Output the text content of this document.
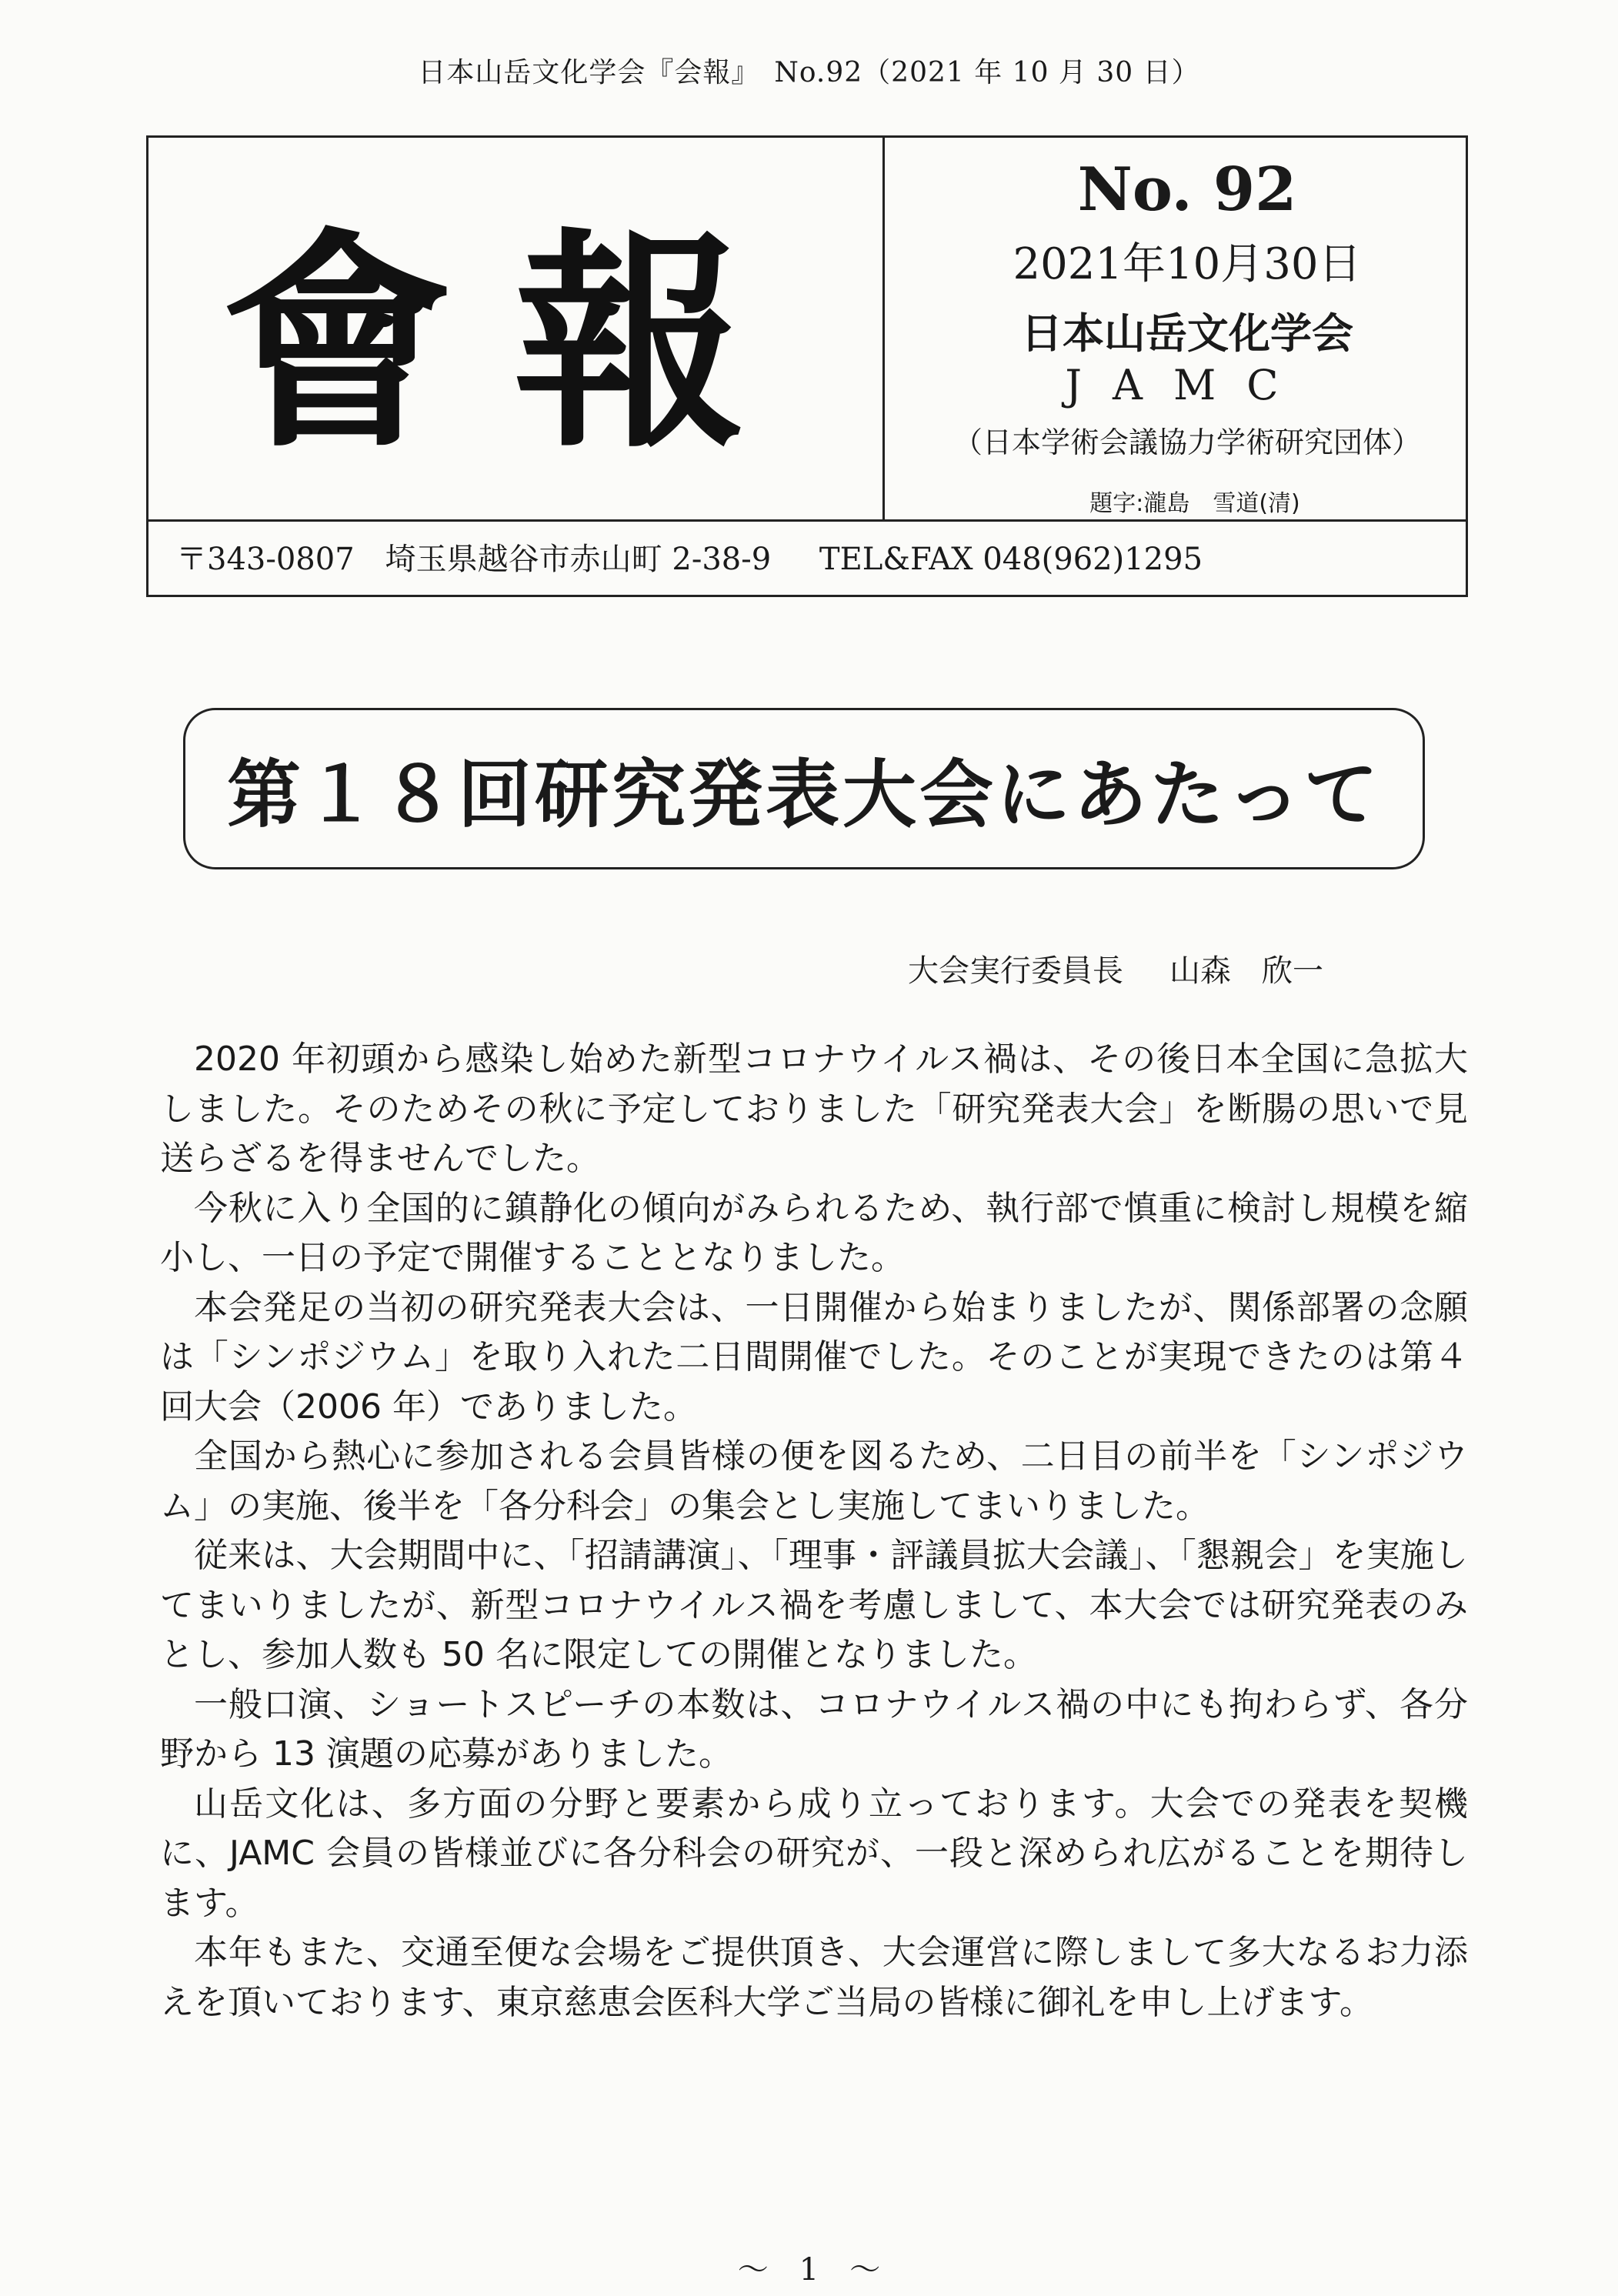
日本山岳文化学会『会報』　No.92（2021 年 10 月 30 日）
會報
No. 92
2021年10月30日
日本山岳文化学会
JAMC
（日本学術会議協力学術研究団体）
題字:瀧島　雪道(清)
〒343-0807　埼玉県越谷市赤山町 2-38-9 TEL&FAX 048(962)1295
第１８回研究発表大会にあたって
大会実行委員長 山森　欣一

2020 年初頭から感染し始めた新型コロナウイルス禍は、その後日本全国に急拡大しました。そのためその秋に予定しておりました「研究発表大会」を断腸の思いで見送らざるを得ませんでした。

今秋に入り全国的に鎮静化の傾向がみられるため、執行部で慎重に検討し規模を縮小し、一日の予定で開催することとなりました。

本会発足の当初の研究発表大会は、一日開催から始まりましたが、関係部署の念願は「シンポジウム」を取り入れた二日間開催でした。そのことが実現できたのは第４回大会（2006 年）でありました。

全国から熱心に参加される会員皆様の便を図るため、二日目の前半を「シンポジウム」の実施、後半を「各分科会」の集会とし実施してまいりました。

従来は、大会期間中に、「招請講演」、「理事・評議員拡大会議」、「懇親会」を実施してまいりましたが、新型コロナウイルス禍を考慮しまして、本大会では研究発表のみとし、参加人数も 50 名に限定しての開催となりました。

一般口演、ショートスピーチの本数は、コロナウイルス禍の中にも拘わらず、各分野から 13 演題の応募がありました。

山岳文化は、多方面の分野と要素から成り立っております。大会での発表を契機に、JAMC 会員の皆様並びに各分科会の研究が、一段と深められ広がることを期待します。

本年もまた、交通至便な会場をご提供頂き、大会運営に際しまして多大なるお力添えを頂いております、東京慈恵会医科大学ご当局の皆様に御礼を申し上げます。

～　1　～
